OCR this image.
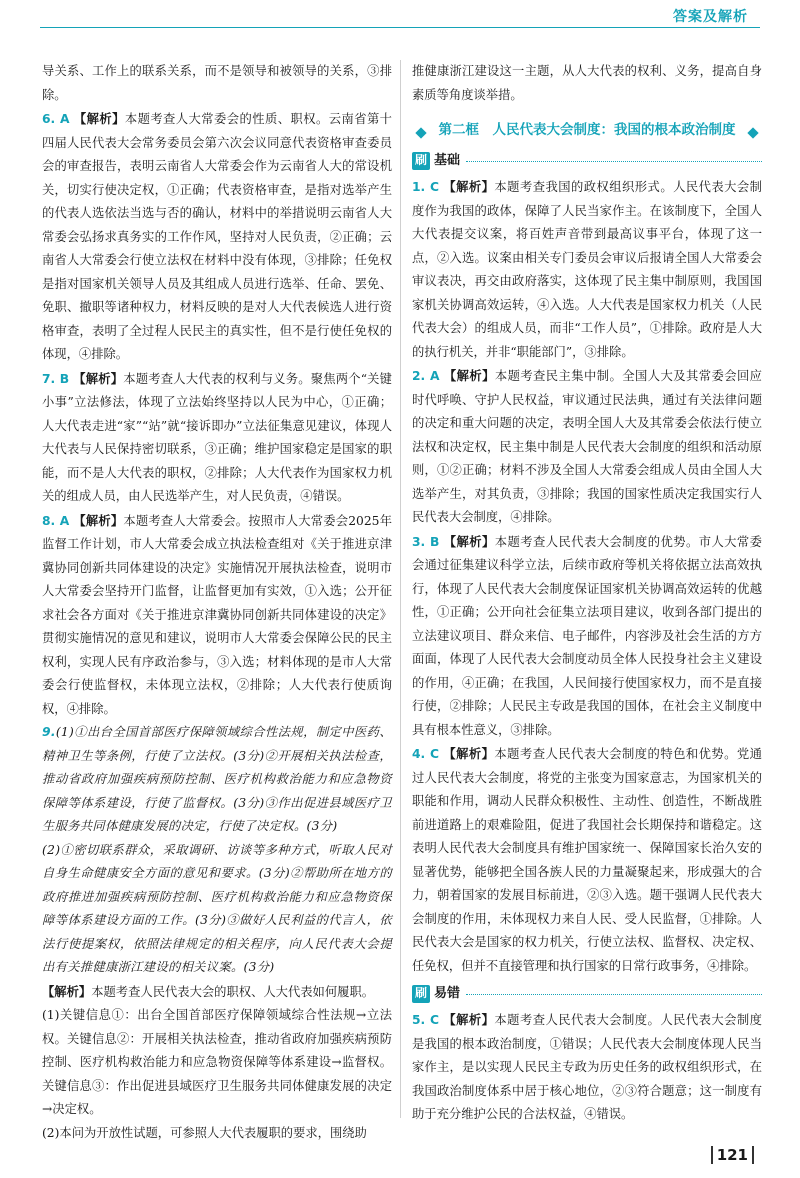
答案及解析

导关系、工作上的联系关系，而不是领导和被领导的关系，③排除。

6. A 【解析】本题考查人大常委会的性质、职权。云南省第十四届人民代表大会常务委员会第六次会议同意代表资格审查委员会的审查报告，表明云南省人大常委会作为云南省人大的常设机关，切实行使决定权，①正确；代表资格审查，是指对选举产生的代表人选依法当选与否的确认，材料中的举措说明云南省人大常委会弘扬求真务实的工作作风，坚持对人民负责，②正确；云南省人大常委会行使立法权在材料中没有体现，③排除；任免权是指对国家机关领导人员及其组成人员进行选举、任命、罢免、免职、撤职等诸种权力，材料反映的是对人大代表候选人进行资格审查，表明了全过程人民民主的真实性，但不是行使任免权的体现，④排除。

7. B 【解析】本题考查人大代表的权利与义务。聚焦两个“关键小事”立法修法，体现了立法始终坚持以人民为中心，①正确；人大代表走进“家”“站”就“接诉即办”立法征集意见建议，体现人大代表与人民保持密切联系，③正确；维护国家稳定是国家的职能，而不是人大代表的职权，②排除；人大代表作为国家权力机关的组成人员，由人民选举产生，对人民负责，④错误。

8. A 【解析】本题考查人大常委会。按照市人大常委会2025年监督工作计划，市人大常委会成立执法检查组对《关于推进京津冀协同创新共同体建设的决定》实施情况开展执法检查，说明市人大常委会坚持开门监督，让监督更加有实效，①入选；公开征求社会各方面对《关于推进京津冀协同创新共同体建设的决定》贯彻实施情况的意见和建议，说明市人大常委会保障公民的民主权利，实现人民有序政治参与，③入选；材料体现的是市人大常委会行使监督权，未体现立法权，②排除；人大代表行使质询权，④排除。

9.(1)①出台全国首部医疗保障领域综合性法规，制定中医药、精神卫生等条例，行使了立法权。(3分)②开展相关执法检查，推动省政府加强疾病预防控制、医疗机构救治能力和应急物资保障等体系建设，行使了监督权。(3分)③作出促进县域医疗卫生服务共同体健康发展的决定，行使了决定权。(3分)

(2)①密切联系群众，采取调研、访谈等多种方式，听取人民对自身生命健康安全方面的意见和要求。(3分)②帮助所在地方的政府推进加强疾病预防控制、医疗机构救治能力和应急物资保障等体系建设方面的工作。(3分)③做好人民利益的代言人，依法行使提案权，依照法律规定的相关程序，向人民代表大会提出有关推健康浙江建设的相关议案。(3分)

【解析】本题考查人民代表大会的职权、人大代表如何履职。

(1)关键信息①：出台全国首部医疗保障领域综合性法规→立法权。关键信息②：开展相关执法检查，推动省政府加强疾病预防控制、医疗机构救治能力和应急物资保障等体系建设→监督权。关键信息③：作出促进县域医疗卫生服务共同体健康发展的决定→决定权。

(2)本问为开放性试题，可参照人大代表履职的要求，围绕助

推健康浙江建设这一主题，从人大代表的权利、义务，提高自身素质等角度谈举措。

第二框　人民代表大会制度：我国的根本政治制度
刷 基础

1. C 【解析】本题考查我国的政权组织形式。人民代表大会制度作为我国的政体，保障了人民当家作主。在该制度下，全国人大代表提交议案，将百姓声音带到最高议事平台，体现了这一点，②入选。议案由相关专门委员会审议后报请全国人大常委会审议表决，再交由政府落实，这体现了民主集中制原则，我国国家机关协调高效运转，④入选。人大代表是国家权力机关（人民代表大会）的组成人员，而非“工作人员”，①排除。政府是人大的执行机关，并非“职能部门”，③排除。

2. A 【解析】本题考查民主集中制。全国人大及其常委会回应时代呼唤、守护人民权益，审议通过民法典，通过有关法律问题的决定和重大问题的决定，表明全国人大及其常委会依法行使立法权和决定权，民主集中制是人民代表大会制度的组织和活动原则，①②正确；材料不涉及全国人大常委会组成人员由全国人大选举产生，对其负责，③排除；我国的国家性质决定我国实行人民代表大会制度，④排除。

3. B 【解析】本题考查人民代表大会制度的优势。市人大常委会通过征集建议科学立法，后续市政府等机关将依据立法高效执行，体现了人民代表大会制度保证国家机关协调高效运转的优越性，①正确；公开向社会征集立法项目建议，收到各部门提出的立法建议项目、群众来信、电子邮件，内容涉及社会生活的方方面面，体现了人民代表大会制度动员全体人民投身社会主义建设的作用，④正确；在我国，人民间接行使国家权力，而不是直接行使，②排除；人民民主专政是我国的国体，在社会主义制度中具有根本性意义，③排除。

4. C 【解析】本题考查人民代表大会制度的特色和优势。党通过人民代表大会制度，将党的主张变为国家意志，为国家机关的职能和作用，调动人民群众积极性、主动性、创造性，不断战胜前进道路上的艰难险阻，促进了我国社会长期保持和谐稳定。这表明人民代表大会制度具有维护国家统一、保障国家长治久安的显著优势，能够把全国各族人民的力量凝聚起来，形成强大的合力，朝着国家的发展目标前进，②③入选。题干强调人民代表大会制度的作用，未体现权力来自人民、受人民监督，①排除。人民代表大会是国家的权力机关，行使立法权、监督权、决定权、任免权，但并不直接管理和执行国家的日常行政事务，④排除。

刷 易错

5. C 【解析】本题考查人民代表大会制度。人民代表大会制度是我国的根本政治制度，①错误；人民代表大会制度体现人民当家作主，是以实现人民民主专政为历史任务的政权组织形式，在我国政治制度体系中居于核心地位，②③符合题意；这一制度有助于充分维护公民的合法权益，④错误。

121
